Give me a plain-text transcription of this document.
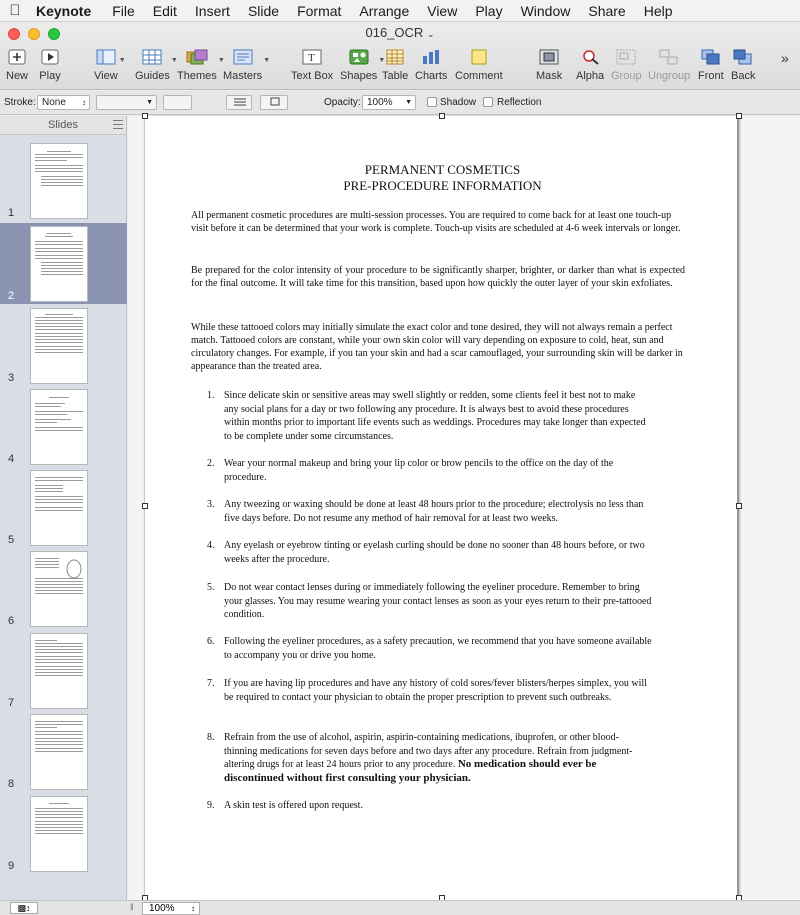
Keynote File Edit Insert Slide Format Arrange View Play Window Share Help
016_OCR ⌄
New Play
▼
View
▼
Guides
▼
Themes
▼
Masters
T
Text Box
▼
Shapes Table Charts Comment	Mask Alpha Group Ungroup Front Back
»
Stroke: None ↕	▼	Opacity: 100% ▼	Shadow Reflection
Slides
1
2
3
4
5
6
7
8
9
PERMANENT COSMETICS
PRE-PROCEDURE INFORMATION
All permanent cosmetic procedures are multi-session processes. You are required to come back for at least one touch-up visit before it can be determined that your work is complete. Touch-up visits are scheduled at 4-6 week intervals or longer.
Be prepared for the color intensity of your procedure to be significantly sharper, brighter, or darker than what is expected for the final outcome. It will take time for this transition, based upon how quickly the outer layer of your skin exfoliates.
While these tattooed colors may initially simulate the exact color and tone desired, they will not always remain a perfect match. Tattooed colors are constant, while your own skin color will vary depending on exposure to cold, heat, sun and circulatory changes. For example, if you tan your skin and had a scar camouflaged, your surrounding skin will be darker in appearance than the treated area.
1. Since delicate skin or sensitive areas may swell slightly or redden, some clients feel it best not to make any social plans for a day or two following any procedure. It is always best to avoid these procedures within months prior to important life events such as weddings. Procedures may take longer than expected to be complete under some circumstances.
2. Wear your normal makeup and bring your lip color or brow pencils to the office on the day of the procedure.
3. Any tweezing or waxing should be done at least 48 hours prior to the procedure; electrolysis no less than five days before. Do not resume any method of hair removal for at least two weeks.
4. Any eyelash or eyebrow tinting or eyelash curling should be done no sooner than 48 hours before, or two weeks after the procedure.
5. Do not wear contact lenses during or immediately following the eyeliner procedure. Remember to bring your glasses. You may resume wearing your contact lenses as soon as your eyes return to their pre-tattooed condition.
6. Following the eyeliner procedures, as a safety precaution, we recommend that you have someone available to accompany you or drive you home.
7. If you are having lip procedures and have any history of cold sores/fever blisters/herpes simplex, you will be required to contact your physician to obtain the proper prescription to prevent such outbreaks.
8. Refrain from the use of alcohol, aspirin, aspirin-containing medications, ibuprofen, or other blood-thinning medications for seven days before and two days after any procedure. Refrain from judgment-altering drugs for at least 24 hours prior to any procedure. No medication should ever be discontinued without first consulting your physician.
9. A skin test is offered upon request.
▩↕	‖	100% ↕
